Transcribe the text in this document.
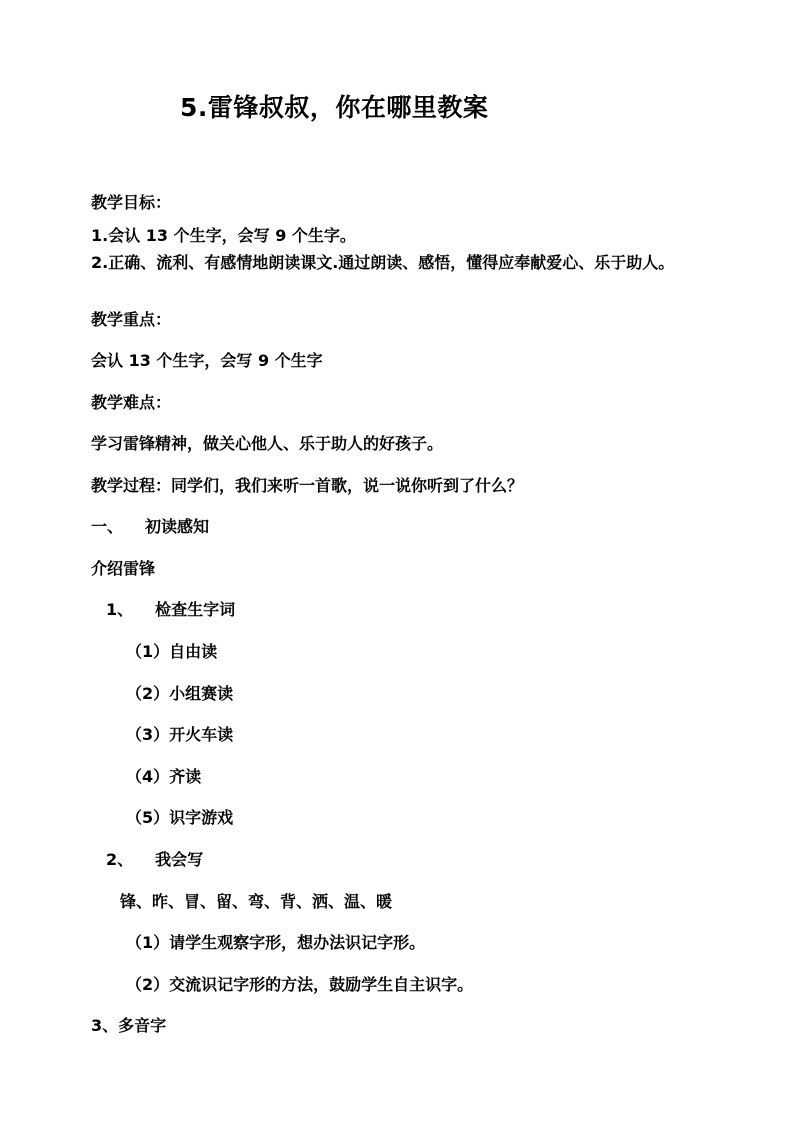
5.雷锋叔叔，你在哪里教案
教学目标：
1.会认 13 个生字，会写 9 个生字。
2.正确、流利、有感情地朗读课文.通过朗读、感悟，懂得应奉献爱心、乐于助人。
教学重点：
会认 13 个生字，会写 9 个生字
教学难点：
学习雷锋精神，做关心他人、乐于助人的好孩子。
教学过程：同学们，我们来听一首歌，说一说你听到了什么？
一、 初读感知
介绍雷锋
1、 检查生字词
（1）自由读
（2）小组赛读
（3）开火车读
（4）齐读
（5）识字游戏
2、 我会写
锋、昨、冒、留、弯、背、洒、温、暖
（1）请学生观察字形，想办法识记字形。
（2）交流识记字形的方法，鼓励学生自主识字。
3、多音字
